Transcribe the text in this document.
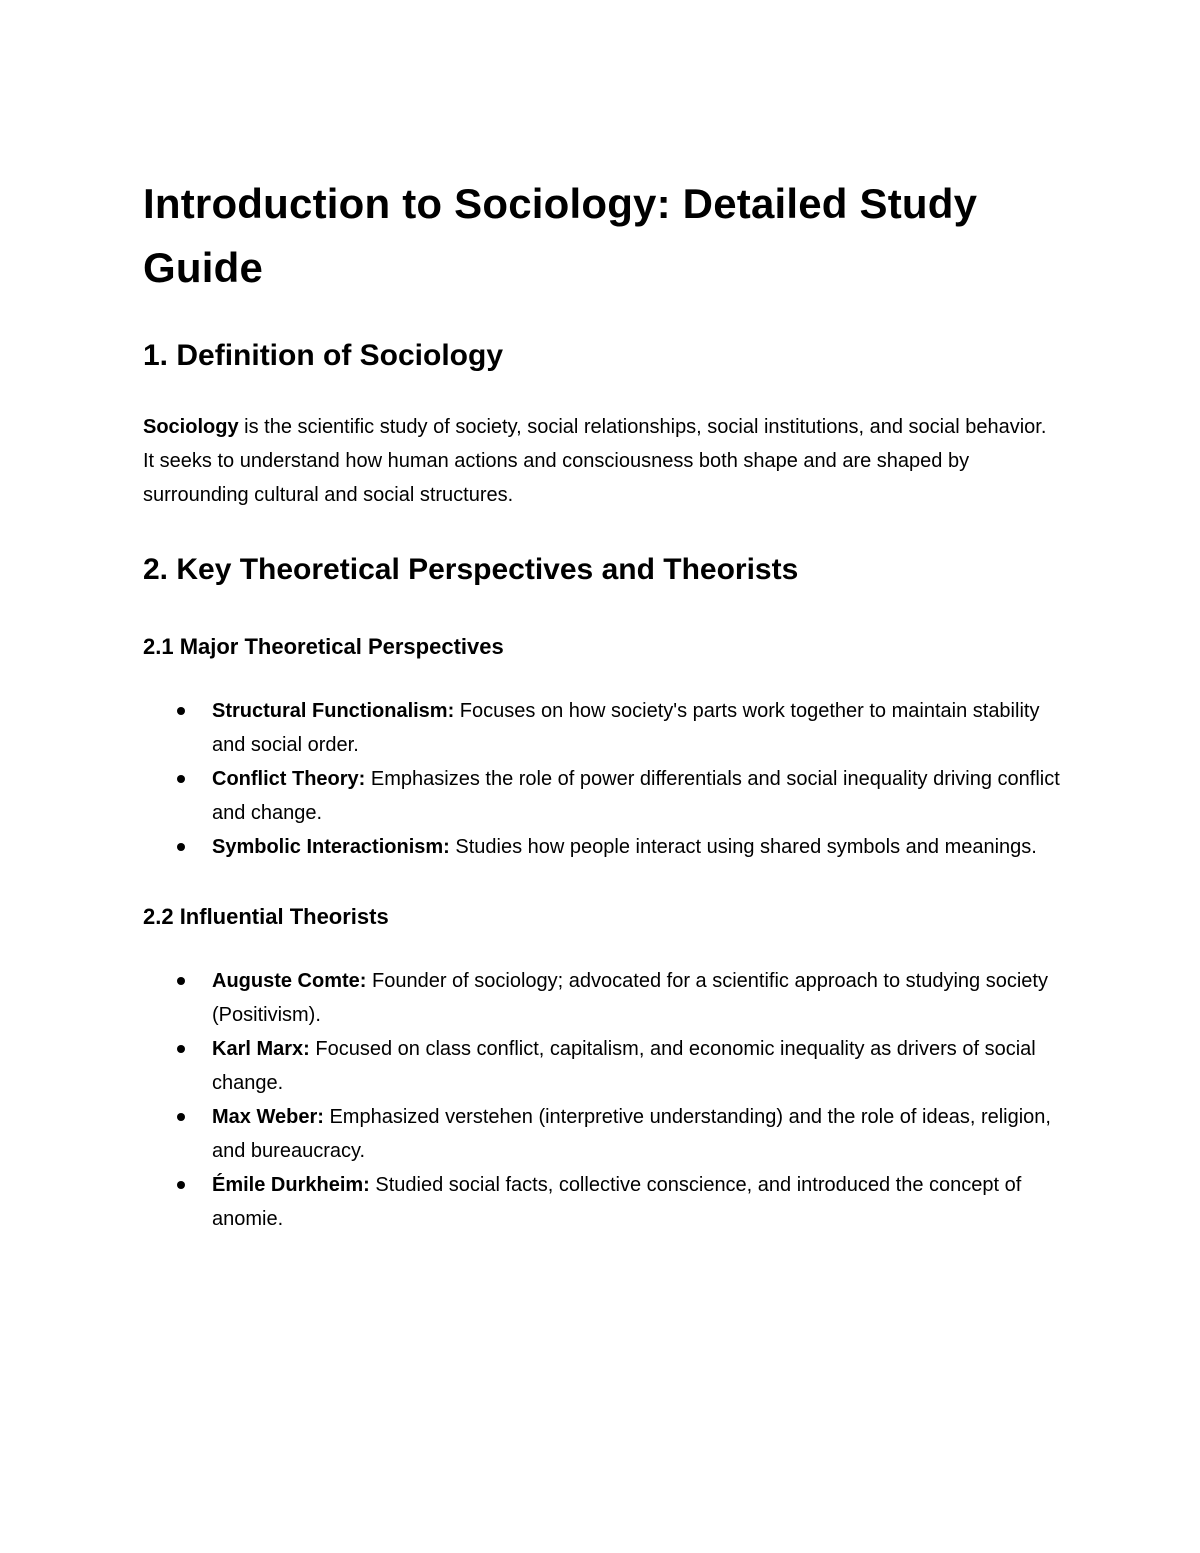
Introduction to Sociology: Detailed Study Guide
1. Definition of Sociology

Sociology is the scientific study of society, social relationships, social institutions, and social behavior. It seeks to understand how human actions and consciousness both shape and are shaped by surrounding cultural and social structures.

2. Key Theoretical Perspectives and Theorists
2.1 Major Theoretical Perspectives
Structural Functionalism: Focuses on how society's parts work together to maintain stability and social order.
Conflict Theory: Emphasizes the role of power differentials and social inequality driving conflict and change.
Symbolic Interactionism: Studies how people interact using shared symbols and meanings.
2.2 Influential Theorists
Auguste Comte: Founder of sociology; advocated for a scientific approach to studying society (Positivism).
Karl Marx: Focused on class conflict, capitalism, and economic inequality as drivers of social change.
Max Weber: Emphasized verstehen (interpretive understanding) and the role of ideas, religion, and bureaucracy.
Émile Durkheim: Studied social facts, collective conscience, and introduced the concept of anomie.
